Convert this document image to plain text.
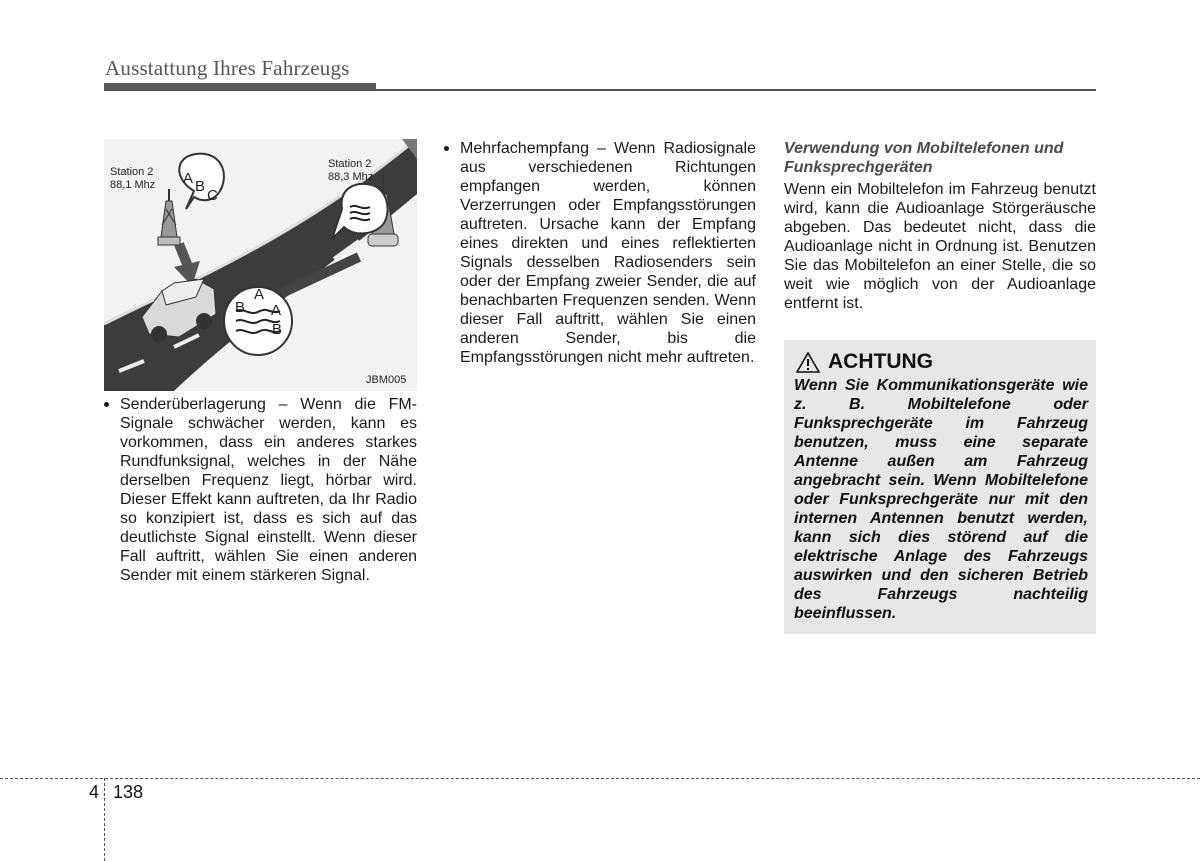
Ausstattung Ihres Fahrzeugs
Station 2
88,1 Mhz
Station 2
88,3 Mhz
A B
C
A
B A
B
JBM005
Senderüberlagerung – Wenn die FM-Signale schwächer werden, kann es vorkommen, dass ein anderes starkes Rundfunksignal, welches in der Nähe derselben Frequenz liegt, hörbar wird. Dieser Effekt kann auftreten, da Ihr Radio so konzipiert ist, dass es sich auf das deutlichste Signal einstellt. Wenn dieser Fall auftritt, wählen Sie einen anderen Sender mit einem stärkeren Signal.
Mehrfachempfang – Wenn Radiosignale aus verschiedenen Richtungen empfangen werden, können Verzerrungen oder Empfangsstörungen auftreten. Ursache kann der Empfang eines direkten und eines reflektierten Signals desselben Radiosenders sein oder der Empfang zweier Sender, die auf benachbarten Frequenzen senden. Wenn dieser Fall auftritt, wählen Sie einen anderen Sender, bis die Empfangsstörungen nicht mehr auftreten.
Verwendung von Mobiltelefonen und Funksprechgeräten
Wenn ein Mobiltelefon im Fahrzeug benutzt wird, kann die Audioanlage Störgeräusche abgeben. Das bedeutet nicht, dass die Audioanlage nicht in Ordnung ist. Benutzen Sie das Mobiltelefon an einer Stelle, die so weit wie möglich von der Audioanlage entfernt ist.
ACHTUNG
Wenn Sie Kommunikationsgeräte wie z. B. Mobiltelefone oder Funksprechgeräte im Fahrzeug benutzen, muss eine separate Antenne außen am Fahrzeug angebracht sein. Wenn Mobiltelefone oder Funksprechgeräte nur mit den internen Antennen benutzt werden, kann sich dies störend auf die elektrische Anlage des Fahrzeugs auswirken und den sicheren Betrieb des Fahrzeugs nachteilig beeinflussen.
4 138
